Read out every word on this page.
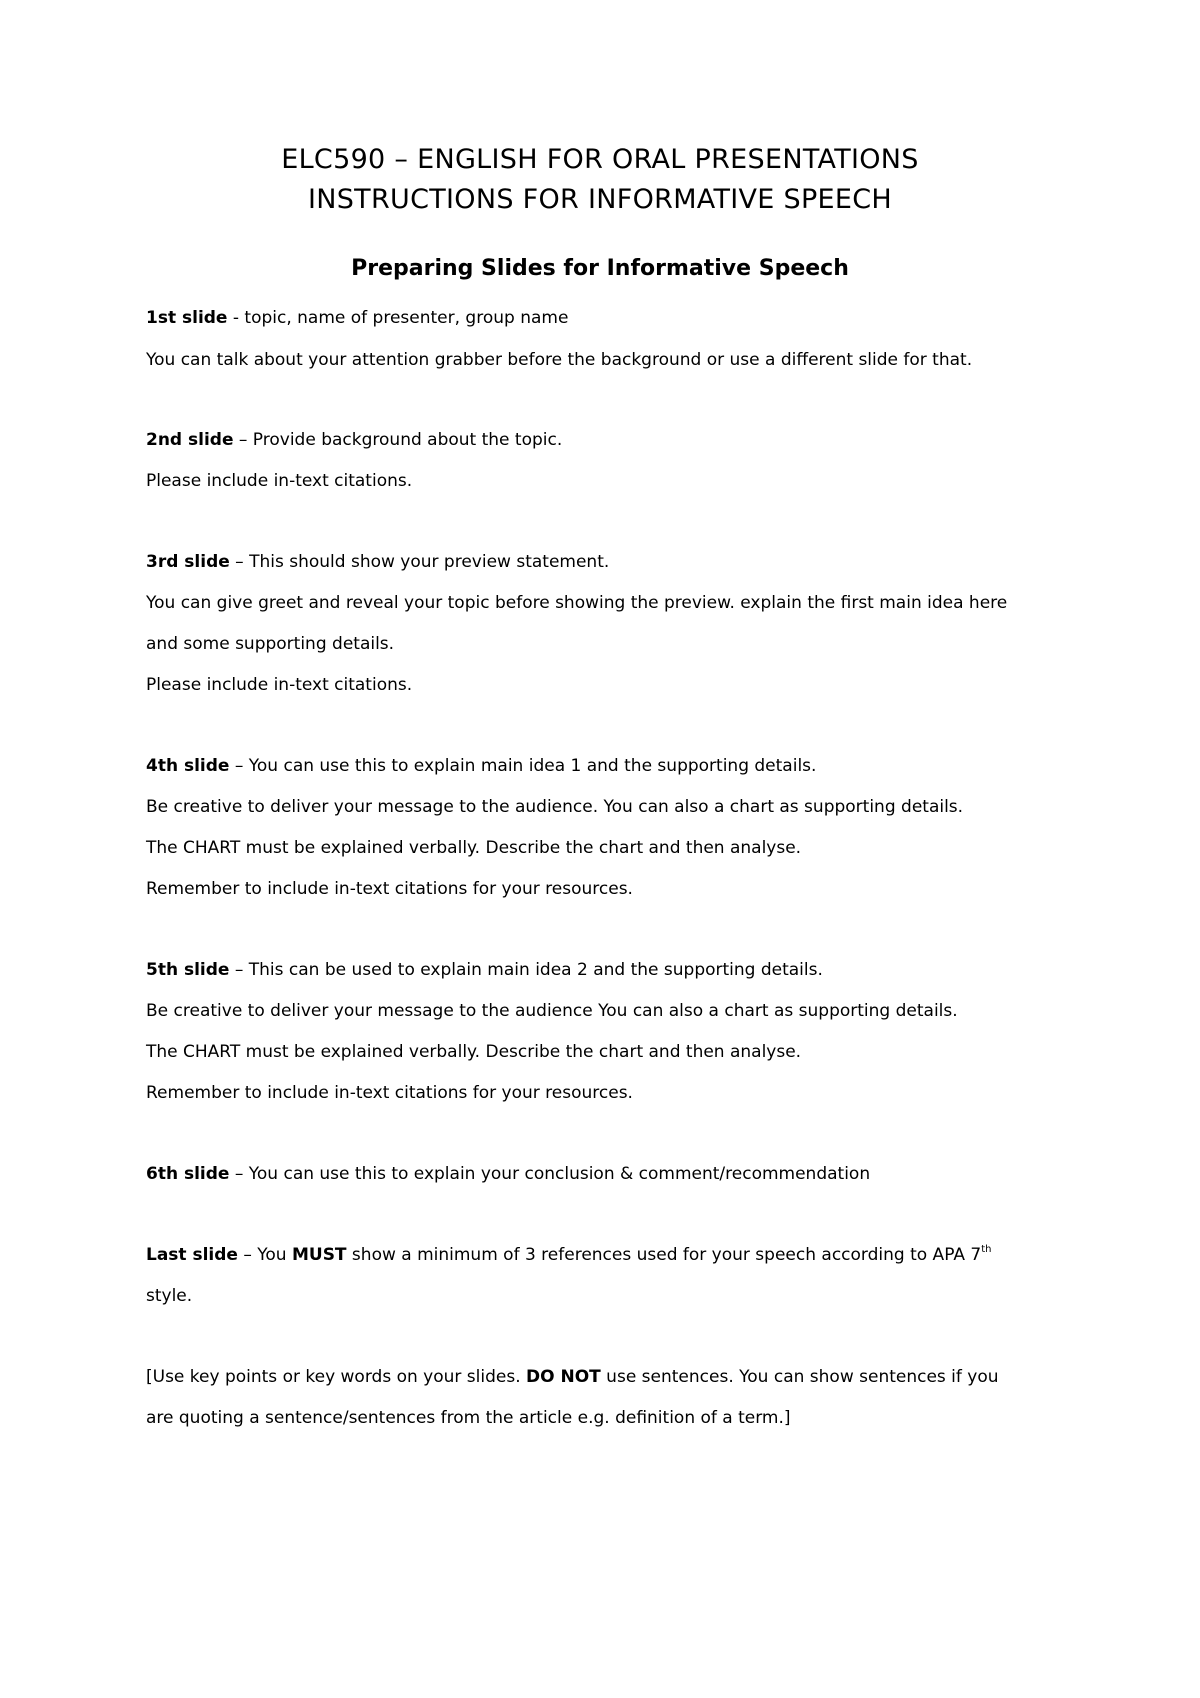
ELC590 – ENGLISH FOR ORAL PRESENTATIONS
INSTRUCTIONS FOR INFORMATIVE SPEECH
Preparing Slides for Informative Speech
1st slide - topic, name of presenter, group name
You can talk about your attention grabber before the background or use a different slide for that.
2nd slide – Provide background about the topic.
Please include in-text citations.
3rd slide – This should show your preview statement.
You can give greet and reveal your topic before showing the preview. explain the first main idea here
and some supporting details.
Please include in-text citations.
4th slide – You can use this to explain main idea 1 and the supporting details.
Be creative to deliver your message to the audience. You can also a chart as supporting details.
The CHART must be explained verbally. Describe the chart and then analyse.
Remember to include in-text citations for your resources.
5th slide – This can be used to explain main idea 2 and the supporting details.
Be creative to deliver your message to the audience You can also a chart as supporting details.
The CHART must be explained verbally. Describe the chart and then analyse.
Remember to include in-text citations for your resources.
6th slide – You can use this to explain your conclusion & comment/recommendation
Last slide – You MUST show a minimum of 3 references used for your speech according to APA 7th
style.
[Use key points or key words on your slides. DO NOT use sentences. You can show sentences if you
are quoting a sentence/sentences from the article e.g. definition of a term.]
